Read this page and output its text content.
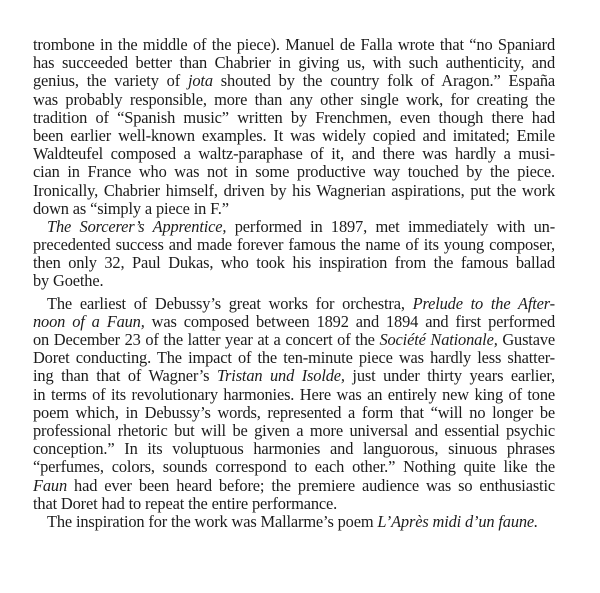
trombone in the middle of the piece). Manuel de Falla wrote that “no Spaniard
has succeeded better than Chabrier in giving us, with such authenticity, and
genius, the variety of jota shouted by the country folk of Aragon.” España
was probably responsible, more than any other single work, for creating the
tradition of “Spanish music” written by Frenchmen, even though there had
been earlier well-known examples. It was widely copied and imitated; Emile
Waldteufel composed a waltz-paraphase of it, and there was hardly a musi-
cian in France who was not in some productive way touched by the piece.
Ironically, Chabrier himself, driven by his Wagnerian aspirations, put the work
down as “simply a piece in F.”
The Sorcerer’s Apprentice, performed in 1897, met immediately with un-
precedented success and made forever famous the name of its young composer,
then only 32, Paul Dukas, who took his inspiration from the famous ballad
by Goethe.
The earliest of Debussy’s great works for orchestra, Prelude to the After-
noon of a Faun, was composed between 1892 and 1894 and first performed
on December 23 of the latter year at a concert of the Société Nationale, Gustave
Doret conducting. The impact of the ten-minute piece was hardly less shatter-
ing than that of Wagner’s Tristan und Isolde, just under thirty years earlier,
in terms of its revolutionary harmonies. Here was an entirely new king of tone
poem which, in Debussy’s words, represented a form that “will no longer be
professional rhetoric but will be given a more universal and essential psychic
conception.” In its voluptuous harmonies and languorous, sinuous phrases
“perfumes, colors, sounds correspond to each other.” Nothing quite like the
Faun had ever been heard before; the premiere audience was so enthusiastic
that Doret had to repeat the entire performance.
The inspiration for the work was Mallarme’s poem L’Après midi d’un faune.
